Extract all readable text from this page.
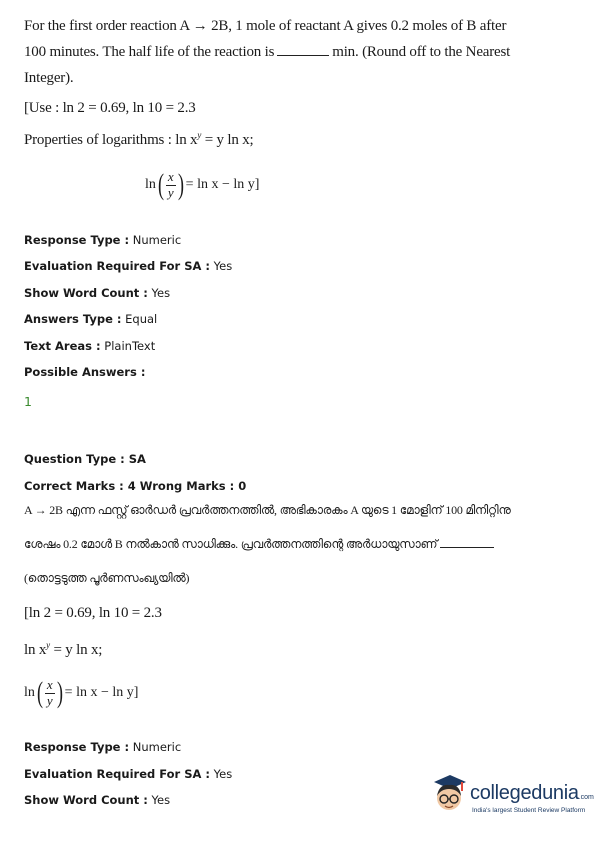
For the first order reaction A → 2B, 1 mole of reactant A gives 0.2 moles of B after
100 minutes. The half life of the reaction is	min. (Round off to the Nearest
Integer).
[Use : ln 2 = 0.69, ln 10 = 2.3
Properties of logarithms : $\ln x^y = y$ ln x;
ln ( $\frac{x}{y}$ ) = ln x − ln y]
Response Type : Numeric
Evaluation Required For SA : Yes
Show Word Count : Yes
Answers Type : Equal
Text Areas : PlainText
Possible Answers :
1
Question Type : SA
Correct Marks : 4 Wrong Marks : 0
A → 2B എന്ന ഫസ്റ്റ് ഓർഡർ പ്രവർത്തനത്തിൽ, അഭികാരകം A യുടെ 1 മോളിന് 100 മിനിറ്റിനു
ശേഷം 0.2 മോൾ B നൽകാൻ സാധിക്കും. പ്രവർത്തനത്തിന്റെ അർധായുസാണ്
(തൊട്ടടുത്ത പൂർണസംഖ്യയിൽ)
[ln 2 = 0.69, ln 10 = 2.3
$\ln x^y = y$ ln x;
ln ( $\frac{x}{y}$ ) = ln x − ln y]
Response Type : Numeric
Evaluation Required For SA : Yes
Show Word Count : Yes	collegedunia.com
India's largest Student Review Platform
